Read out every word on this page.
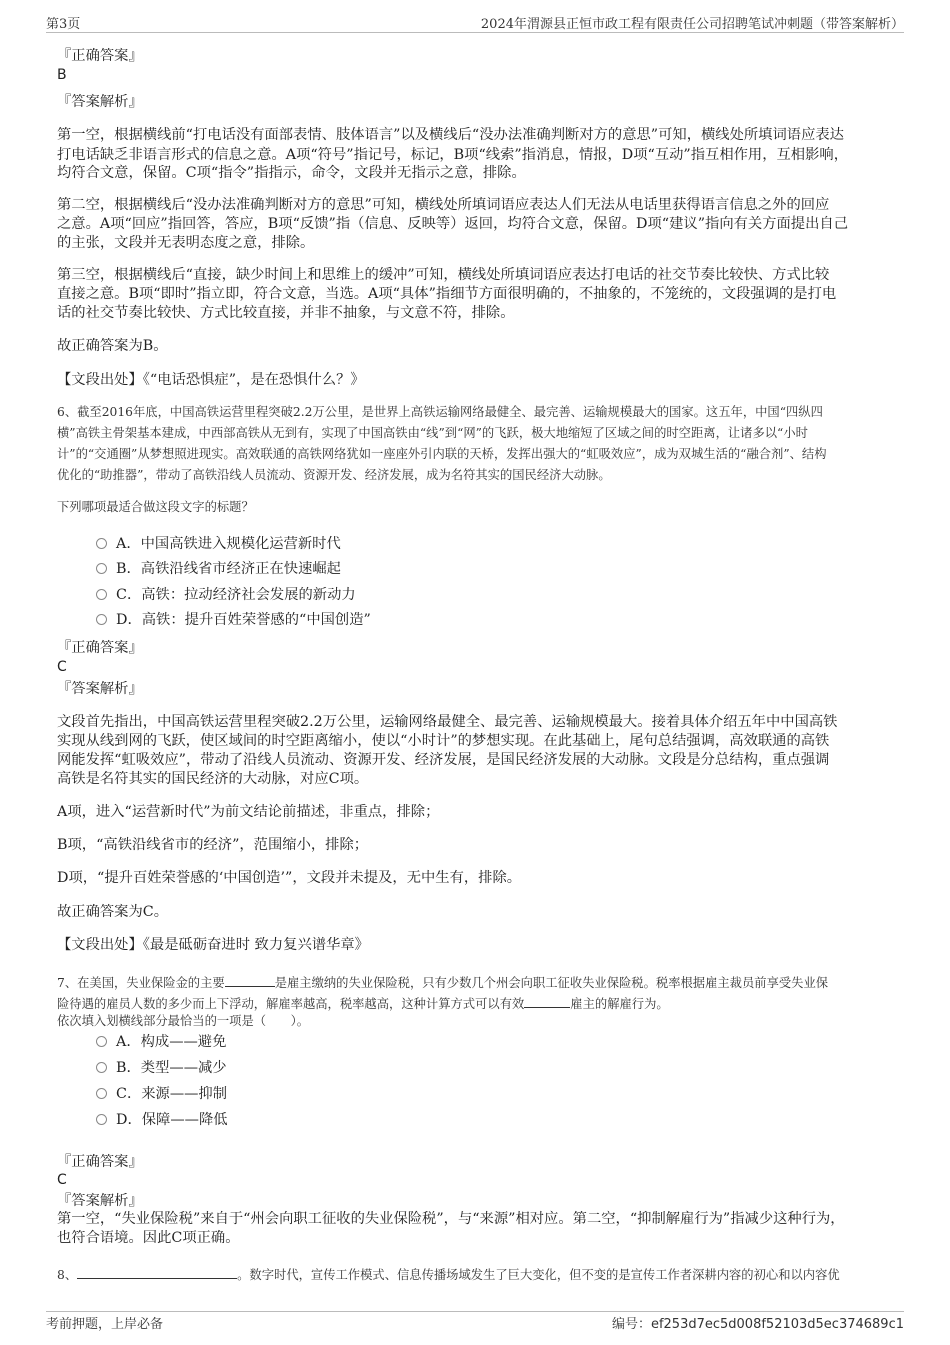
第3页	2024年渭源县正恒市政工程有限责任公司招聘笔试冲刺题（带答案解析）
『正确答案』
B
『答案解析』
第一空，根据横线前“打电话没有面部表情、肢体语言”以及横线后“没办法准确判断对方的意思”可知，横线处所填词语应表达
打电话缺乏非语言形式的信息之意。A项“符号”指记号，标记，B项“线索”指消息，情报，D项“互动”指互相作用，互相影响，
均符合文意，保留。C项“指令”指指示，命令，文段并无指示之意，排除。
第二空，根据横线后“没办法准确判断对方的意思”可知，横线处所填词语应表达人们无法从电话里获得语言信息之外的回应
之意。A项“回应”指回答，答应，B项“反馈”指（信息、反映等）返回，均符合文意，保留。D项“建议”指向有关方面提出自己
的主张，文段并无表明态度之意，排除。
第三空，根据横线后“直接，缺少时间上和思维上的缓冲”可知，横线处所填词语应表达打电话的社交节奏比较快、方式比较
直接之意。B项“即时”指立即，符合文意，当选。A项“具体”指细节方面很明确的，不抽象的，不笼统的，文段强调的是打电
话的社交节奏比较快、方式比较直接，并非不抽象，与文意不符，排除。
故正确答案为B。
【文段出处】《“电话恐惧症”，是在恐惧什么？》
6、截至2016年底，中国高铁运营里程突破2.2万公里，是世界上高铁运输网络最健全、最完善、运输规模最大的国家。这五年，中国“四纵四
横”高铁主骨架基本建成，中西部高铁从无到有，实现了中国高铁由“线”到“网”的飞跃，极大地缩短了区域之间的时空距离，让诸多以“小时
计”的“交通圈”从梦想照进现实。高效联通的高铁网络犹如一座座外引内联的天桥，发挥出强大的“虹吸效应”，成为双城生活的“融合剂”、结构
优化的“助推器”，带动了高铁沿线人员流动、资源开发、经济发展，成为名符其实的国民经济大动脉。
下列哪项最适合做这段文字的标题？
A．中国高铁进入规模化运营新时代
B．高铁沿线省市经济正在快速崛起
C．高铁：拉动经济社会发展的新动力
D．高铁：提升百姓荣誉感的“中国创造”
『正确答案』
C
『答案解析』
文段首先指出，中国高铁运营里程突破2.2万公里，运输网络最健全、最完善、运输规模最大。接着具体介绍五年中中国高铁
实现从线到网的飞跃，使区域间的时空距离缩小，使以“小时计”的梦想实现。在此基础上，尾句总结强调，高效联通的高铁
网能发挥“虹吸效应”，带动了沿线人员流动、资源开发、经济发展，是国民经济发展的大动脉。文段是分总结构，重点强调
高铁是名符其实的国民经济的大动脉，对应C项。
A项，进入“运营新时代”为前文结论前描述，非重点，排除；
B项，“高铁沿线省市的经济”，范围缩小，排除；
D项，“提升百姓荣誉感的‘中国创造’”，文段并未提及，无中生有，排除。
故正确答案为C。
【文段出处】《最是砥砺奋进时 致力复兴谱华章》
7、在美国，失业保险金的主要	是雇主缴纳的失业保险税，只有少数几个州会向职工征收失业保险税。税率根据雇主裁员前享受失业保
险待遇的雇员人数的多少而上下浮动，解雇率越高，税率越高，这种计算方式可以有效	雇主的解雇行为。
依次填入划横线部分最恰当的一项是（　　）。
A．构成——避免
B．类型——减少
C．来源——抑制
D．保障——降低
『正确答案』
C
『答案解析』
第一空，“失业保险税”来自于“州会向职工征收的失业保险税”，与“来源”相对应。第二空，“抑制解雇行为”指减少这种行为，
也符合语境。因此C项正确。
8、	。数字时代，宣传工作模式、信息传播场域发生了巨大变化，但不变的是宣传工作者深耕内容的初心和以内容优
考前押题，上岸必备	编号：ef253d7ec5d008f52103d5ec374689c1
